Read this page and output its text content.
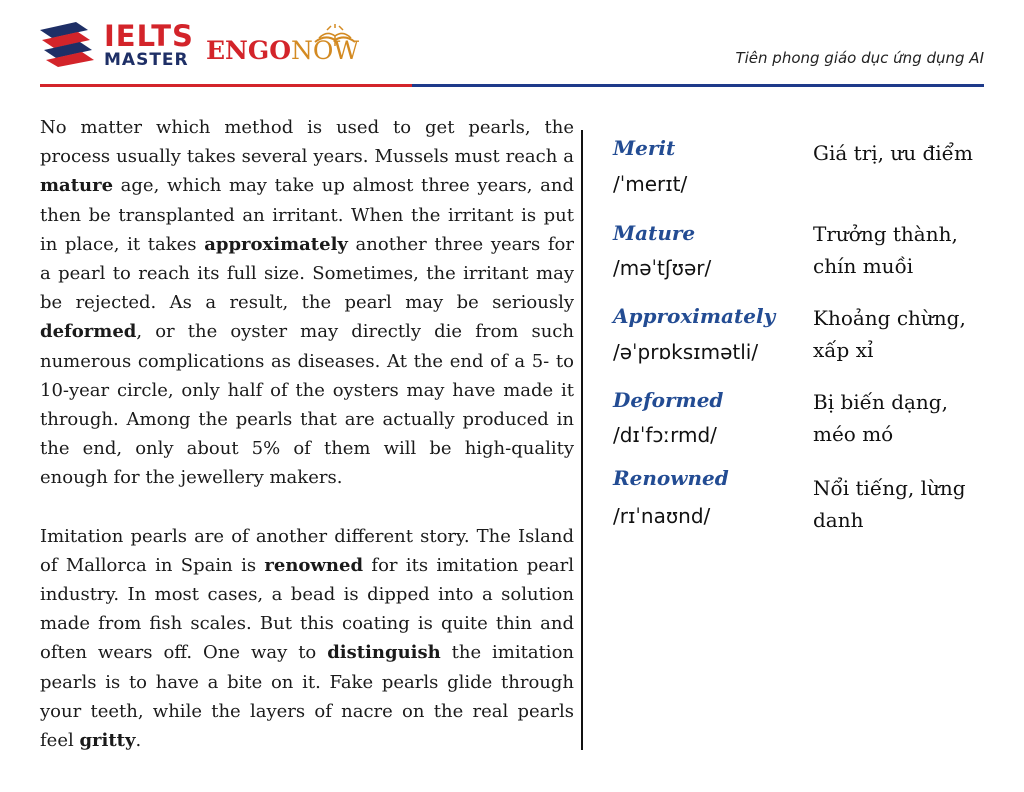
IELTS
MASTER ENGONOW	Tiên phong giáo dục ứng dụng AI

No matter which method is used to get pearls, the process usually takes several years. Mussels must reach a mature age, which may take up almost three years, and then be transplanted an irritant. When the irritant is put in place, it takes approximately another three years for a pearl to reach its full size. Sometimes, the irritant may be rejected. As a result, the pearl may be seriously deformed, or the oyster may directly die from such numerous complications as diseases. At the end of a 5- to 10-year circle, only half of the oysters may have made it through. Among the pearls that are actually produced in the end, only about 5% of them will be high-quality enough for the jewellery makers.

Imitation pearls are of another different story. The Island of Mallorca in Spain is renowned for its imitation pearl industry. In most cases, a bead is dipped into a solution made from fish scales. But this coating is quite thin and often wears off. One way to distinguish the imitation pearls is to have a bite on it. Fake pearls glide through your teeth, while the layers of nacre on the real pearls feel gritty.

Merit
/ˈmerɪt/
Giá trị, ưu điểm
Mature
/məˈtʃʊər/
Trưởng thành, chín muồi
Approximately
/əˈprɒksɪmətli/
Khoảng chừng, xấp xỉ
Deformed
/dɪˈfɔːrmd/
Bị biến dạng, méo mó
Renowned
/rɪˈnaʊnd/
Nổi tiếng, lừng danh
